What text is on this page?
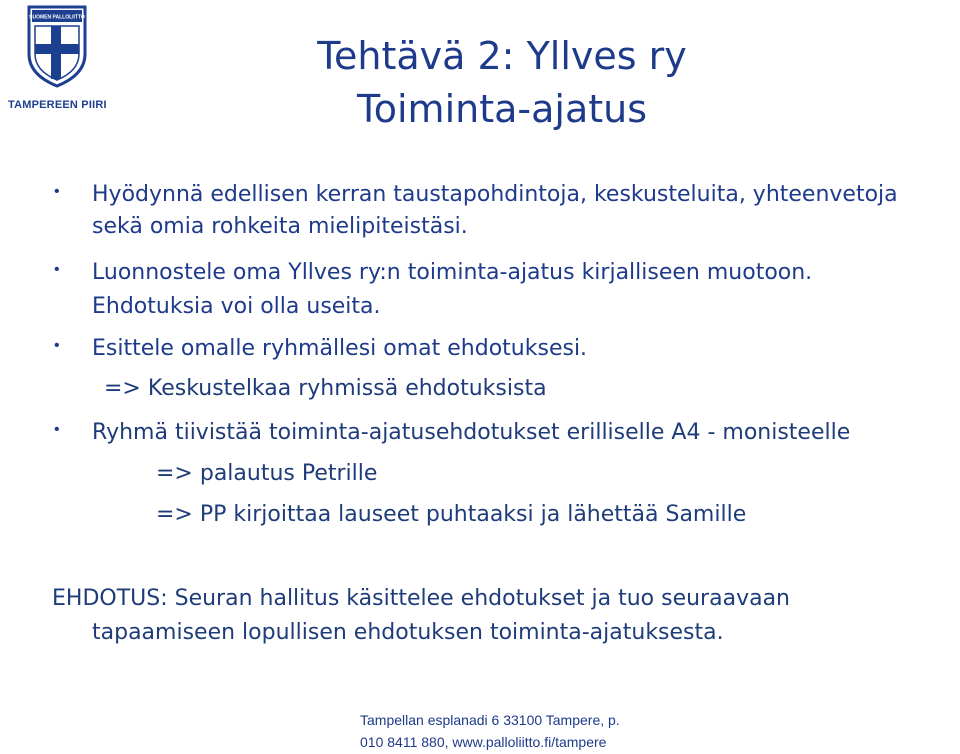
SUOMEN PALLOLIITTO
TAMPEREEN PIIRI
Tehtävä 2: Yllves ry
Toiminta-ajatus
• Hyödynnä edellisen kerran taustapohdintoja, keskusteluita, yhteenvetoja
sekä omia rohkeita mielipiteistäsi.
• Luonnostele oma Yllves ry:n toiminta-ajatus kirjalliseen muotoon.
Ehdotuksia voi olla useita.
• Esittele omalle ryhmällesi omat ehdotuksesi.
=> Keskustelkaa ryhmissä ehdotuksista
• Ryhmä tiivistää toiminta-ajatusehdotukset erilliselle A4 - monisteelle
=> palautus Petrille
=> PP kirjoittaa lauseet puhtaaksi ja lähettää Samille
EHDOTUS: Seuran hallitus käsittelee ehdotukset ja tuo seuraavaan
tapaamiseen lopullisen ehdotuksen toiminta-ajatuksesta.
Tampellan esplanadi 6 33100 Tampere, p.
010 8411 880, www.palloliitto.fi/tampere
